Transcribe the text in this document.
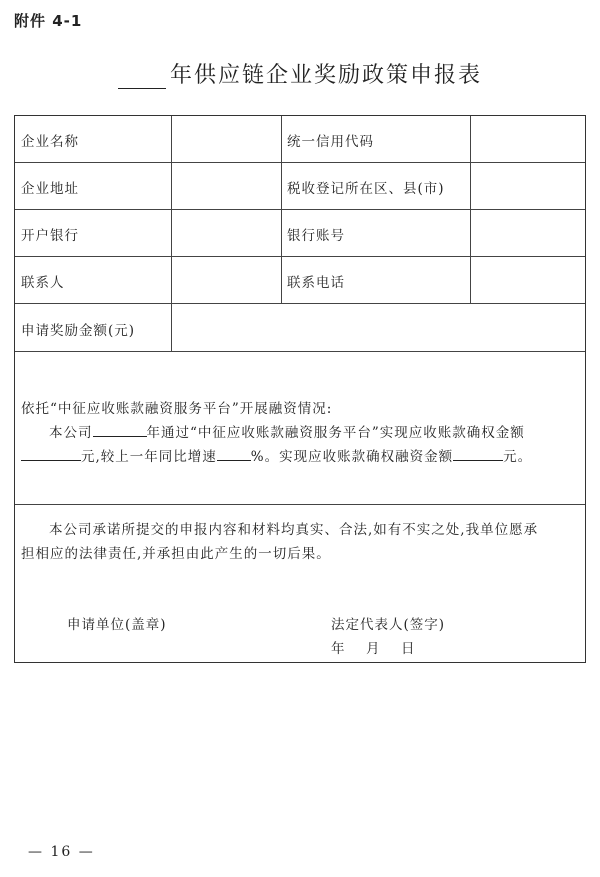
附件 4-1
年供应链企业奖励政策申报表
企业名称	统一信用代码
企业地址	税收登记所在区、县(市)
开户银行	银行账号
联系人	联系电话
申请奖励金额(元)
依托“中征应收账款融资服务平台”开展融资情况:
本公司	年通过“中征应收账款融资服务平台”实现应收账款确权金额
元,较上一年同比增速	%。实现应收账款确权融资金额	元。
本公司承诺所提交的申报内容和材料均真实、合法,如有不实之处,我单位愿承
担相应的法律责任,并承担由此产生的一切后果。
申请单位(盖章)	法定代表人(签字)
年　月　日
— 16 —
